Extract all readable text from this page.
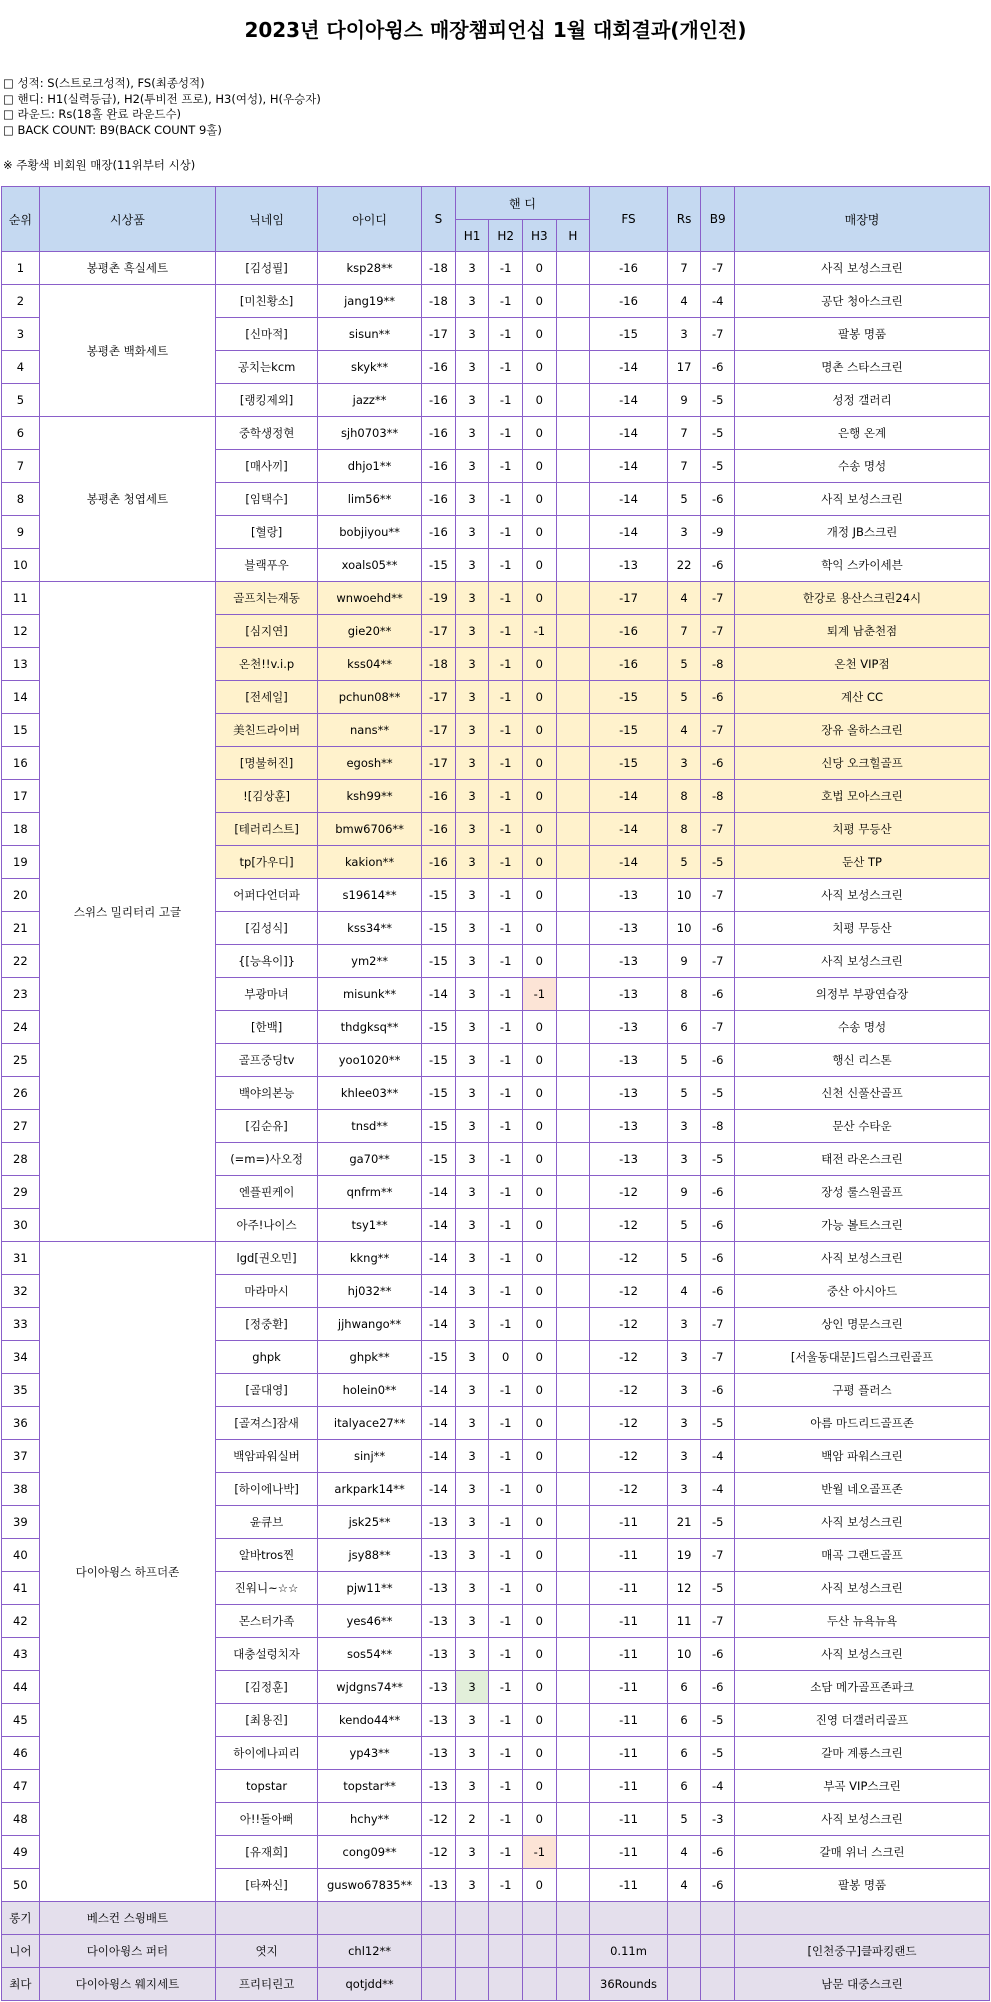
2023년 다이아윙스 매장챔피언십 1월 대회결과(개인전)
□ 성적: S(스트로크성적), FS(최종성적)
□ 핸디: H1(실력등급), H2(투비전 프로), H3(여성), H(우승자)
□ 라운드: Rs(18홀 완료 라운드수)
□ BACK COUNT: B9(BACK COUNT 9홀)
※ 주황색 비회원 매장(11위부터 시상)
순위	시상품	닉네임	아이디	S	핸 디				FS	Rs	B9	매장명
					H1	H2	H3	H				
1	봉평촌 흑실세트	[김성필]	ksp28**	-18	3	-1	0		-16	7	-7	사직 보성스크린
2	봉평촌 백화세트	[미친황소]	jang19**	-18	3	-1	0		-16	4	-4	공단 청아스크린
3		[신마적]	sisun**	-17	3	-1	0		-15	3	-7	팔봉 명품
4		공치는kcm	skyk**	-16	3	-1	0		-14	17	-6	명촌 스타스크린
5		[랭킹제외]	jazz**	-16	3	-1	0		-14	9	-5	성정 갤러리
6	봉평촌 청엽세트	중학생정현	sjh0703**	-16	3	-1	0		-14	7	-5	은행 온계
7		[매사끼]	dhjo1**	-16	3	-1	0		-14	7	-5	수송 명성
8		[임택수]	lim56**	-16	3	-1	0		-14	5	-6	사직 보성스크린
9		[혈랑]	bobjiyou**	-16	3	-1	0		-14	3	-9	개정 JB스크린
10		블랙푸우	xoals05**	-15	3	-1	0		-13	22	-6	학익 스카이세븐
11	스위스 밀리터리 고글	골프치는재동	wnwoehd**	-19	3	-1	0		-17	4	-7	한강로 용산스크린24시
12		[심지연]	gie20**	-17	3	-1	-1		-16	7	-7	퇴계 남춘천점
13		온천!!v.i.p	kss04**	-18	3	-1	0		-16	5	-8	온천 VIP점
14		[전세일]	pchun08**	-17	3	-1	0		-15	5	-6	계산 CC
15		美친드라이버	nans**	-17	3	-1	0		-15	4	-7	장유 올하스크린
16		[명불허진]	egosh**	-17	3	-1	0		-15	3	-6	신당 오크힐골프
17		![김상훈]	ksh99**	-16	3	-1	0		-14	8	-8	호법 모아스크린
18		[테러리스트]	bmw6706**	-16	3	-1	0		-14	8	-7	치평 무등산
19		tp[가우디]	kakion**	-16	3	-1	0		-14	5	-5	둔산 TP
20		어퍼다언더파	s19614**	-15	3	-1	0		-13	10	-7	사직 보성스크린
21		[김성식]	kss34**	-15	3	-1	0		-13	10	-6	치평 무등산
22		{[능욕이]}	ym2**	-15	3	-1	0		-13	9	-7	사직 보성스크린
23		부광마녀	misunk**	-14	3	-1	-1		-13	8	-6	의정부 부광연습장
24		[한백]	thdgksq**	-15	3	-1	0		-13	6	-7	수송 명성
25		골프중딩tv	yoo1020**	-15	3	-1	0		-13	5	-6	행신 리스톤
26		백야의본능	khlee03**	-15	3	-1	0		-13	5	-5	신천 신풀산골프
27		[김순유]	tnsd**	-15	3	-1	0		-13	3	-8	문산 수타운
28		(=m=)사오정	ga70**	-15	3	-1	0		-13	3	-5	태전 라온스크린
29		엔플핀케이	qnfrm**	-14	3	-1	0		-12	9	-6	장성 룰스원골프
30		아주!나이스	tsy1**	-14	3	-1	0		-12	5	-6	가능 볼트스크린
31	다이아윙스 하프더존	lgd[권오민]	kkng**	-14	3	-1	0		-12	5	-6	사직 보성스크린
32		마라마시	hj032**	-14	3	-1	0		-12	4	-6	중산 아시아드
33		[정중환]	jjhwango**	-14	3	-1	0		-12	3	-7	상인 명문스크린
34		ghpk	ghpk**	-15	3	0	0		-12	3	-7	[서울동대문]드림스크린골프
35		[골대영]	holein0**	-14	3	-1	0		-12	3	-6	구평 플러스
36		[골져스]잠새	italyace27**	-14	3	-1	0		-12	3	-5	아름 마드리드골프존
37		백암파워실버	sinj**	-14	3	-1	0		-12	3	-4	백암 파워스크린
38		[하이에나박]	arkpark14**	-14	3	-1	0		-12	3	-4	반월 네오골프존
39		윤큐브	jsk25**	-13	3	-1	0		-11	21	-5	사직 보성스크린
40		알바tros찐	jsy88**	-13	3	-1	0		-11	19	-7	매곡 그랜드골프
41		진워니~☆☆	pjw11**	-13	3	-1	0		-11	12	-5	사직 보성스크린
42		몬스터가족	yes46**	-13	3	-1	0		-11	11	-7	두산 뉴욕뉴욕
43		대충설렁치자	sos54**	-13	3	-1	0		-11	10	-6	사직 보성스크린
44		[김정훈]	wjdgns74**	-13	3	-1	0		-11	6	-6	소담 메가골프존파크
45		[최용진]	kendo44**	-13	3	-1	0		-11	6	-5	진영 더갤러리골프
46		하이에나피리	yp43**	-13	3	-1	0		-11	6	-5	갈마 계룡스크린
47		topstar	topstar**	-13	3	-1	0		-11	6	-4	부곡 VIP스크린
48		아!!돌아뻐	hchy**	-12	2	-1	0		-11	5	-3	사직 보성스크린
49		[유재희]	cong09**	-12	3	-1	-1		-11	4	-6	갈매 위너 스크린
50		[타짜신]	guswo67835**	-13	3	-1	0		-11	4	-6	팔봉 명품
롱기	베스컨 스윙배트											
니어	다이아윙스 퍼터	엿지	chl12**						0.11m			[인천중구]클파킹랜드
최다	다이아윙스 웨지세트	프리티린고	qotjdd**						36Rounds			남문 대중스크린
